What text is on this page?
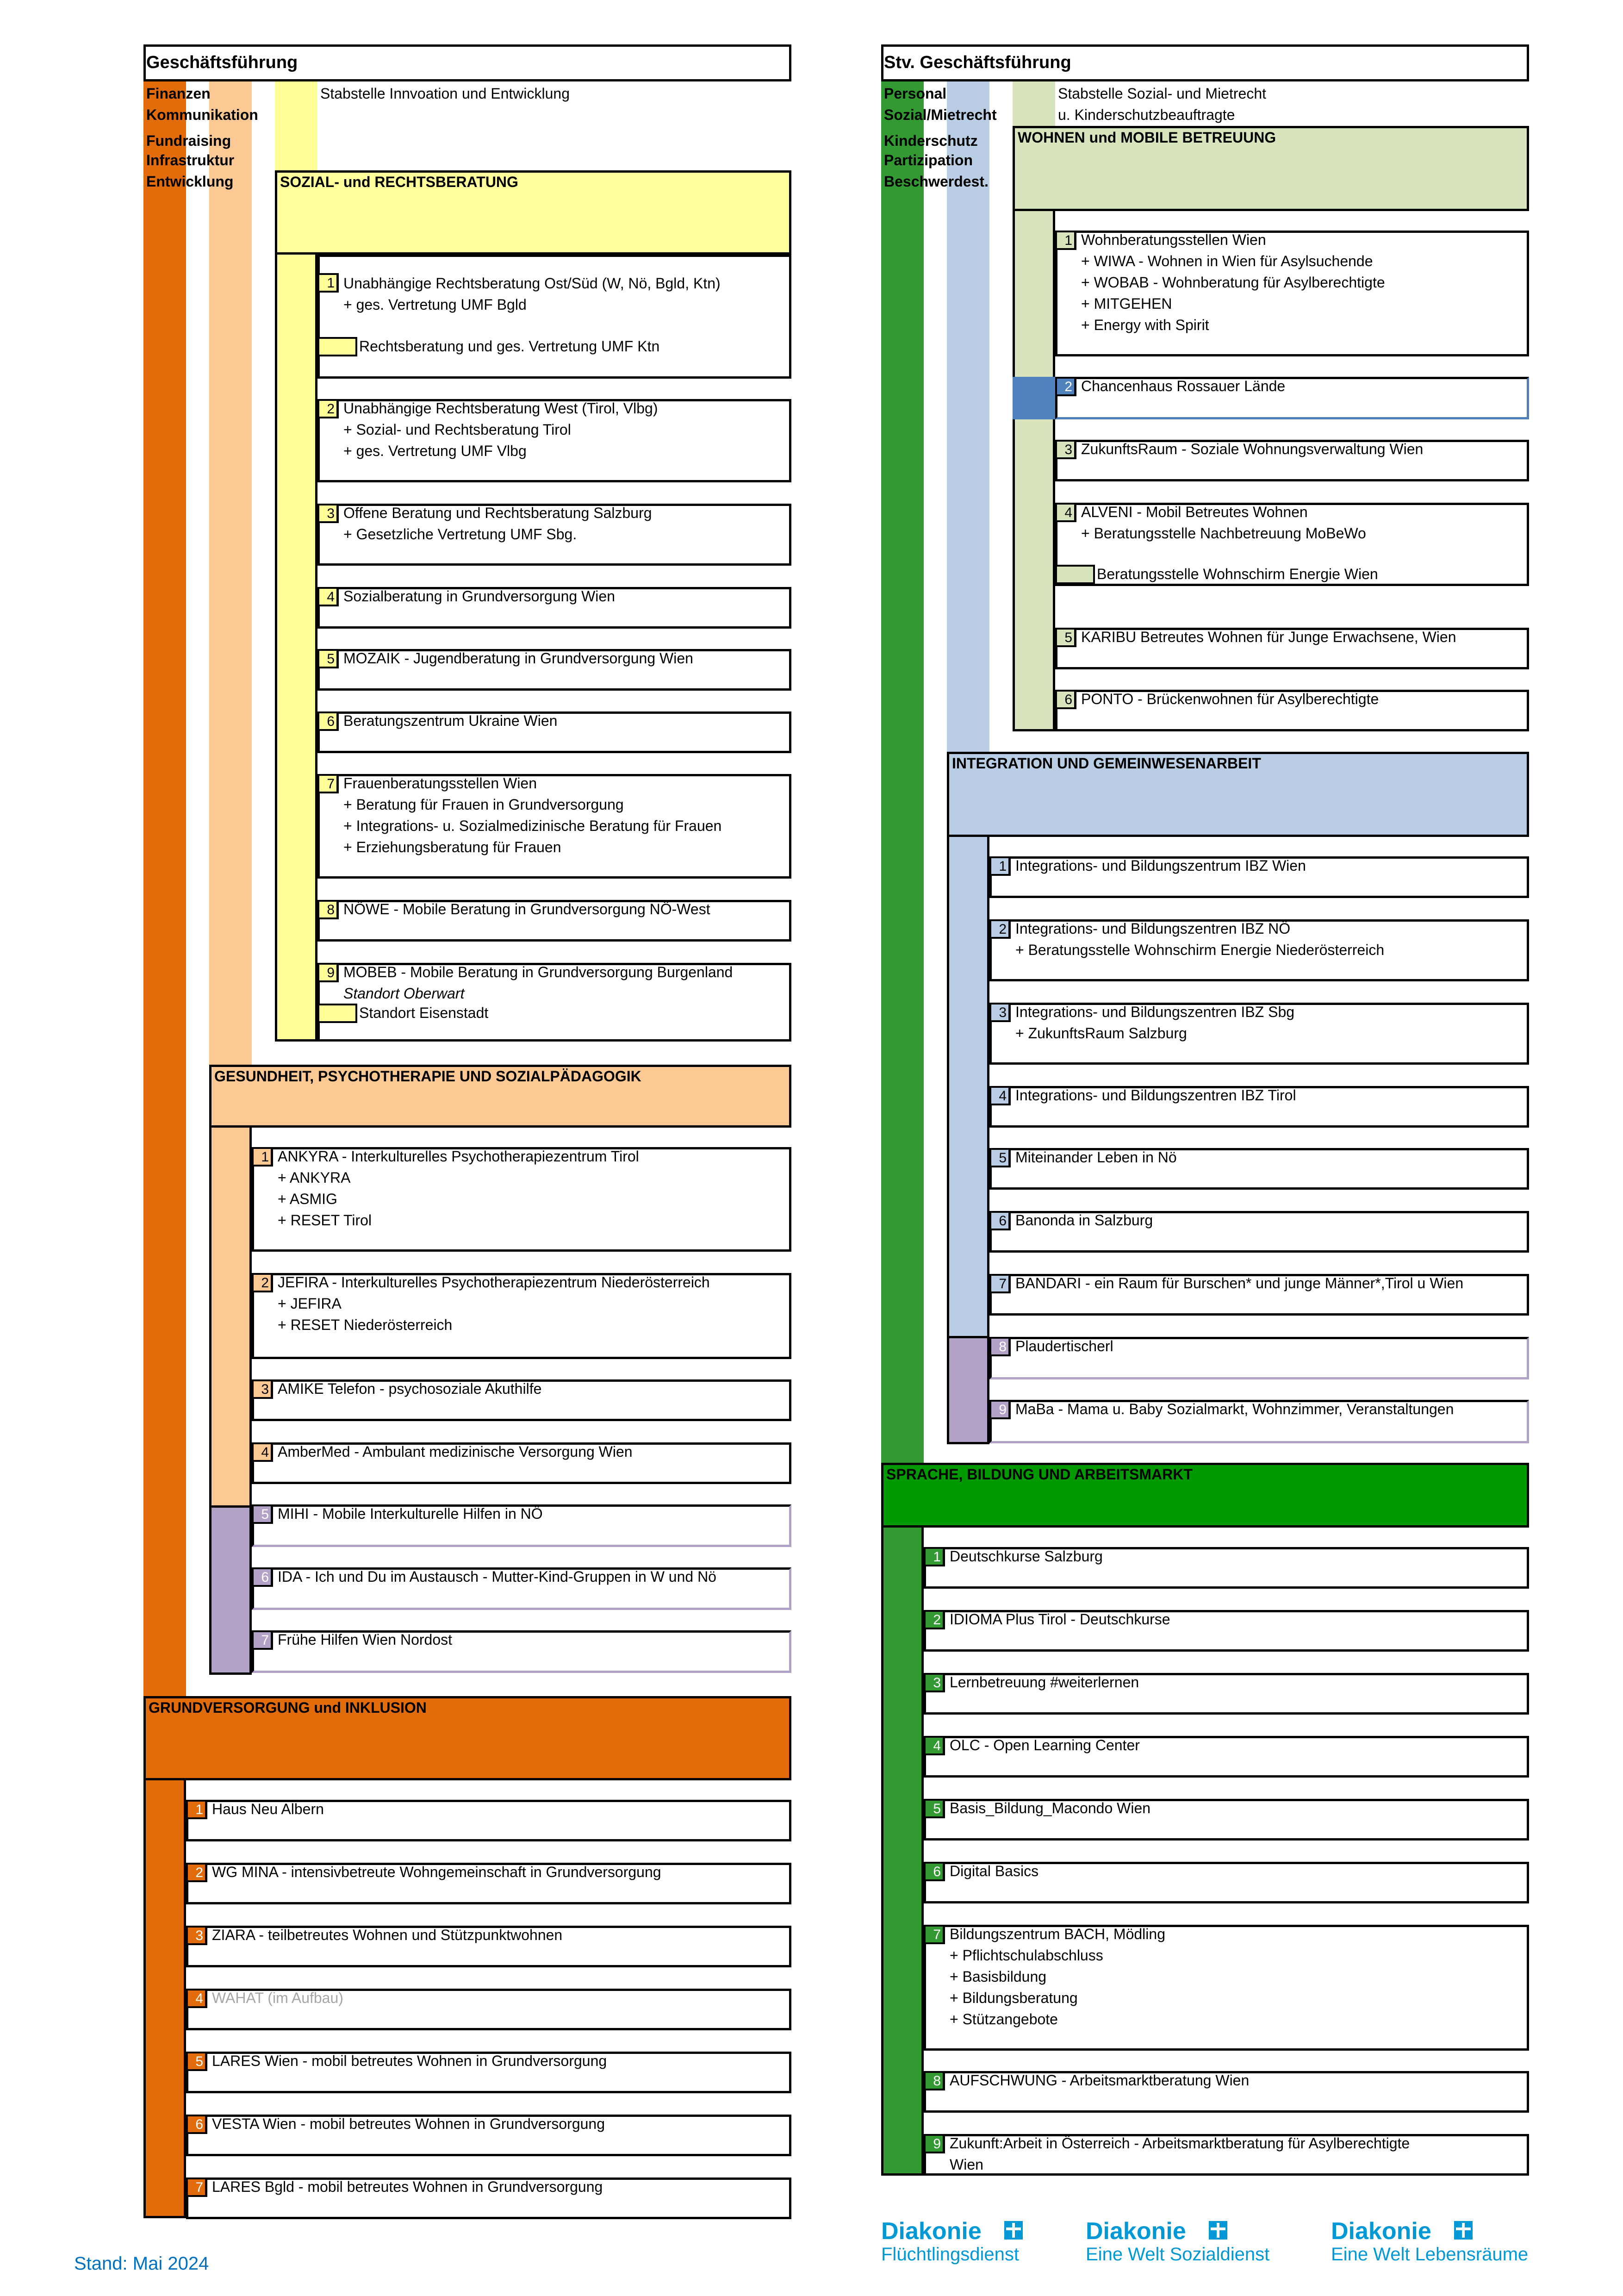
Geschäftsführung
Finanzen
Kommunikation
Fundraising
Infrastruktur
Entwicklung
Stabstelle Innvoation und Entwicklung
SOZIAL- und RECHTSBERATUNG
1 Unabhängige Rechtsberatung Ost/Süd (W, Nö, Bgld, Ktn)
+ ges. Vertretung UMF Bgld
Rechtsberatung und ges. Vertretung UMF Ktn
2 Unabhängige Rechtsberatung West (Tirol, Vlbg)
+ Sozial- und Rechtsberatung Tirol
+ ges. Vertretung UMF Vlbg
3 Offene Beratung und Rechtsberatung Salzburg
+ Gesetzliche Vertretung UMF Sbg.
4 Sozialberatung in Grundversorgung Wien
5 MOZAIK - Jugendberatung in Grundversorgung Wien
6 Beratungszentrum Ukraine Wien
7 Frauenberatungsstellen Wien
+ Beratung für Frauen in Grundversorgung
+ Integrations- u. Sozialmedizinische Beratung für Frauen
+ Erziehungsberatung für Frauen
8 NÖWE - Mobile Beratung in Grundversorgung NÖ-West
9 MOBEB - Mobile Beratung in Grundversorgung Burgenland
Standort Oberwart
Standort Eisenstadt
GESUNDHEIT, PSYCHOTHERAPIE UND SOZIALPÄDAGOGIK
1 ANKYRA - Interkulturelles Psychotherapiezentrum Tirol
+ ANKYRA
+ ASMIG
+ RESET Tirol
2 JEFIRA - Interkulturelles Psychotherapiezentrum Niederösterreich
+ JEFIRA
+ RESET Niederösterreich
3 AMIKE Telefon - psychosoziale Akuthilfe
4 AmberMed - Ambulant medizinische Versorgung Wien
5 MIHI - Mobile Interkulturelle Hilfen in NÖ
6 IDA - Ich und Du im Austausch - Mutter-Kind-Gruppen in W und Nö
7 Frühe Hilfen Wien Nordost
GRUNDVERSORGUNG und INKLUSION
1 Haus Neu Albern
2 WG MINA - intensivbetreute Wohngemeinschaft in Grundversorgung
3 ZIARA - teilbetreutes Wohnen und Stützpunktwohnen
4 WAHAT (im Aufbau)
5 LARES Wien - mobil betreutes Wohnen in Grundversorgung
6 VESTA Wien - mobil betreutes Wohnen in Grundversorgung
7 LARES Bgld - mobil betreutes Wohnen in Grundversorgung
Stv. Geschäftsführung
Personal
Sozial/Mietrecht
Kinderschutz
Partizipation
Beschwerdest.
Stabstelle Sozial- und Mietrecht
u. Kinderschutzbeauftragte
WOHNEN und MOBILE BETREUUNG
1 Wohnberatungsstellen Wien
+ WIWA - Wohnen in Wien für Asylsuchende
+ WOBAB - Wohnberatung für Asylberechtigte
+ MITGEHEN
+ Energy with Spirit
2 Chancenhaus Rossauer Lände
3 ZukunftsRaum - Soziale Wohnungsverwaltung Wien
4 ALVENI - Mobil Betreutes Wohnen
+ Beratungsstelle Nachbetreuung MoBeWo
Beratungsstelle Wohnschirm Energie Wien
5 KARIBU Betreutes Wohnen für Junge Erwachsene, Wien
6 PONTO - Brückenwohnen für Asylberechtigte
INTEGRATION UND GEMEINWESENARBEIT
1 Integrations- und Bildungszentrum IBZ Wien
2 Integrations- und Bildungszentren IBZ NÖ
+ Beratungsstelle Wohnschirm Energie Niederösterreich
3 Integrations- und Bildungszentren IBZ Sbg
+ ZukunftsRaum Salzburg
4 Integrations- und Bildungszentren IBZ Tirol
5 Miteinander Leben in Nö
6 Banonda in Salzburg
7 BANDARI - ein Raum für Burschen* und junge Männer*,Tirol u Wien
8 Plaudertischerl
9 MaBa - Mama u. Baby Sozialmarkt, Wohnzimmer, Veranstaltungen
SPRACHE, BILDUNG UND ARBEITSMARKT
1 Deutschkurse Salzburg
2 IDIOMA Plus Tirol - Deutschkurse
3 Lernbetreuung #weiterlernen
4 OLC - Open Learning Center
5 Basis_Bildung_Macondo Wien
6 Digital Basics
7 Bildungszentrum BACH, Mödling
+ Pflichtschulabschluss
+ Basisbildung
+ Bildungsberatung
+ Stützangebote
8 AUFSCHWUNG - Arbeitsmarktberatung Wien
9 Zukunft:Arbeit in Österreich - Arbeitsmarktberatung für Asylberechtigte
Wien
Diakonie
Flüchtlingsdienst
Diakonie
Eine Welt Sozialdienst
Diakonie
Eine Welt Lebensräume
Stand: Mai 2024
